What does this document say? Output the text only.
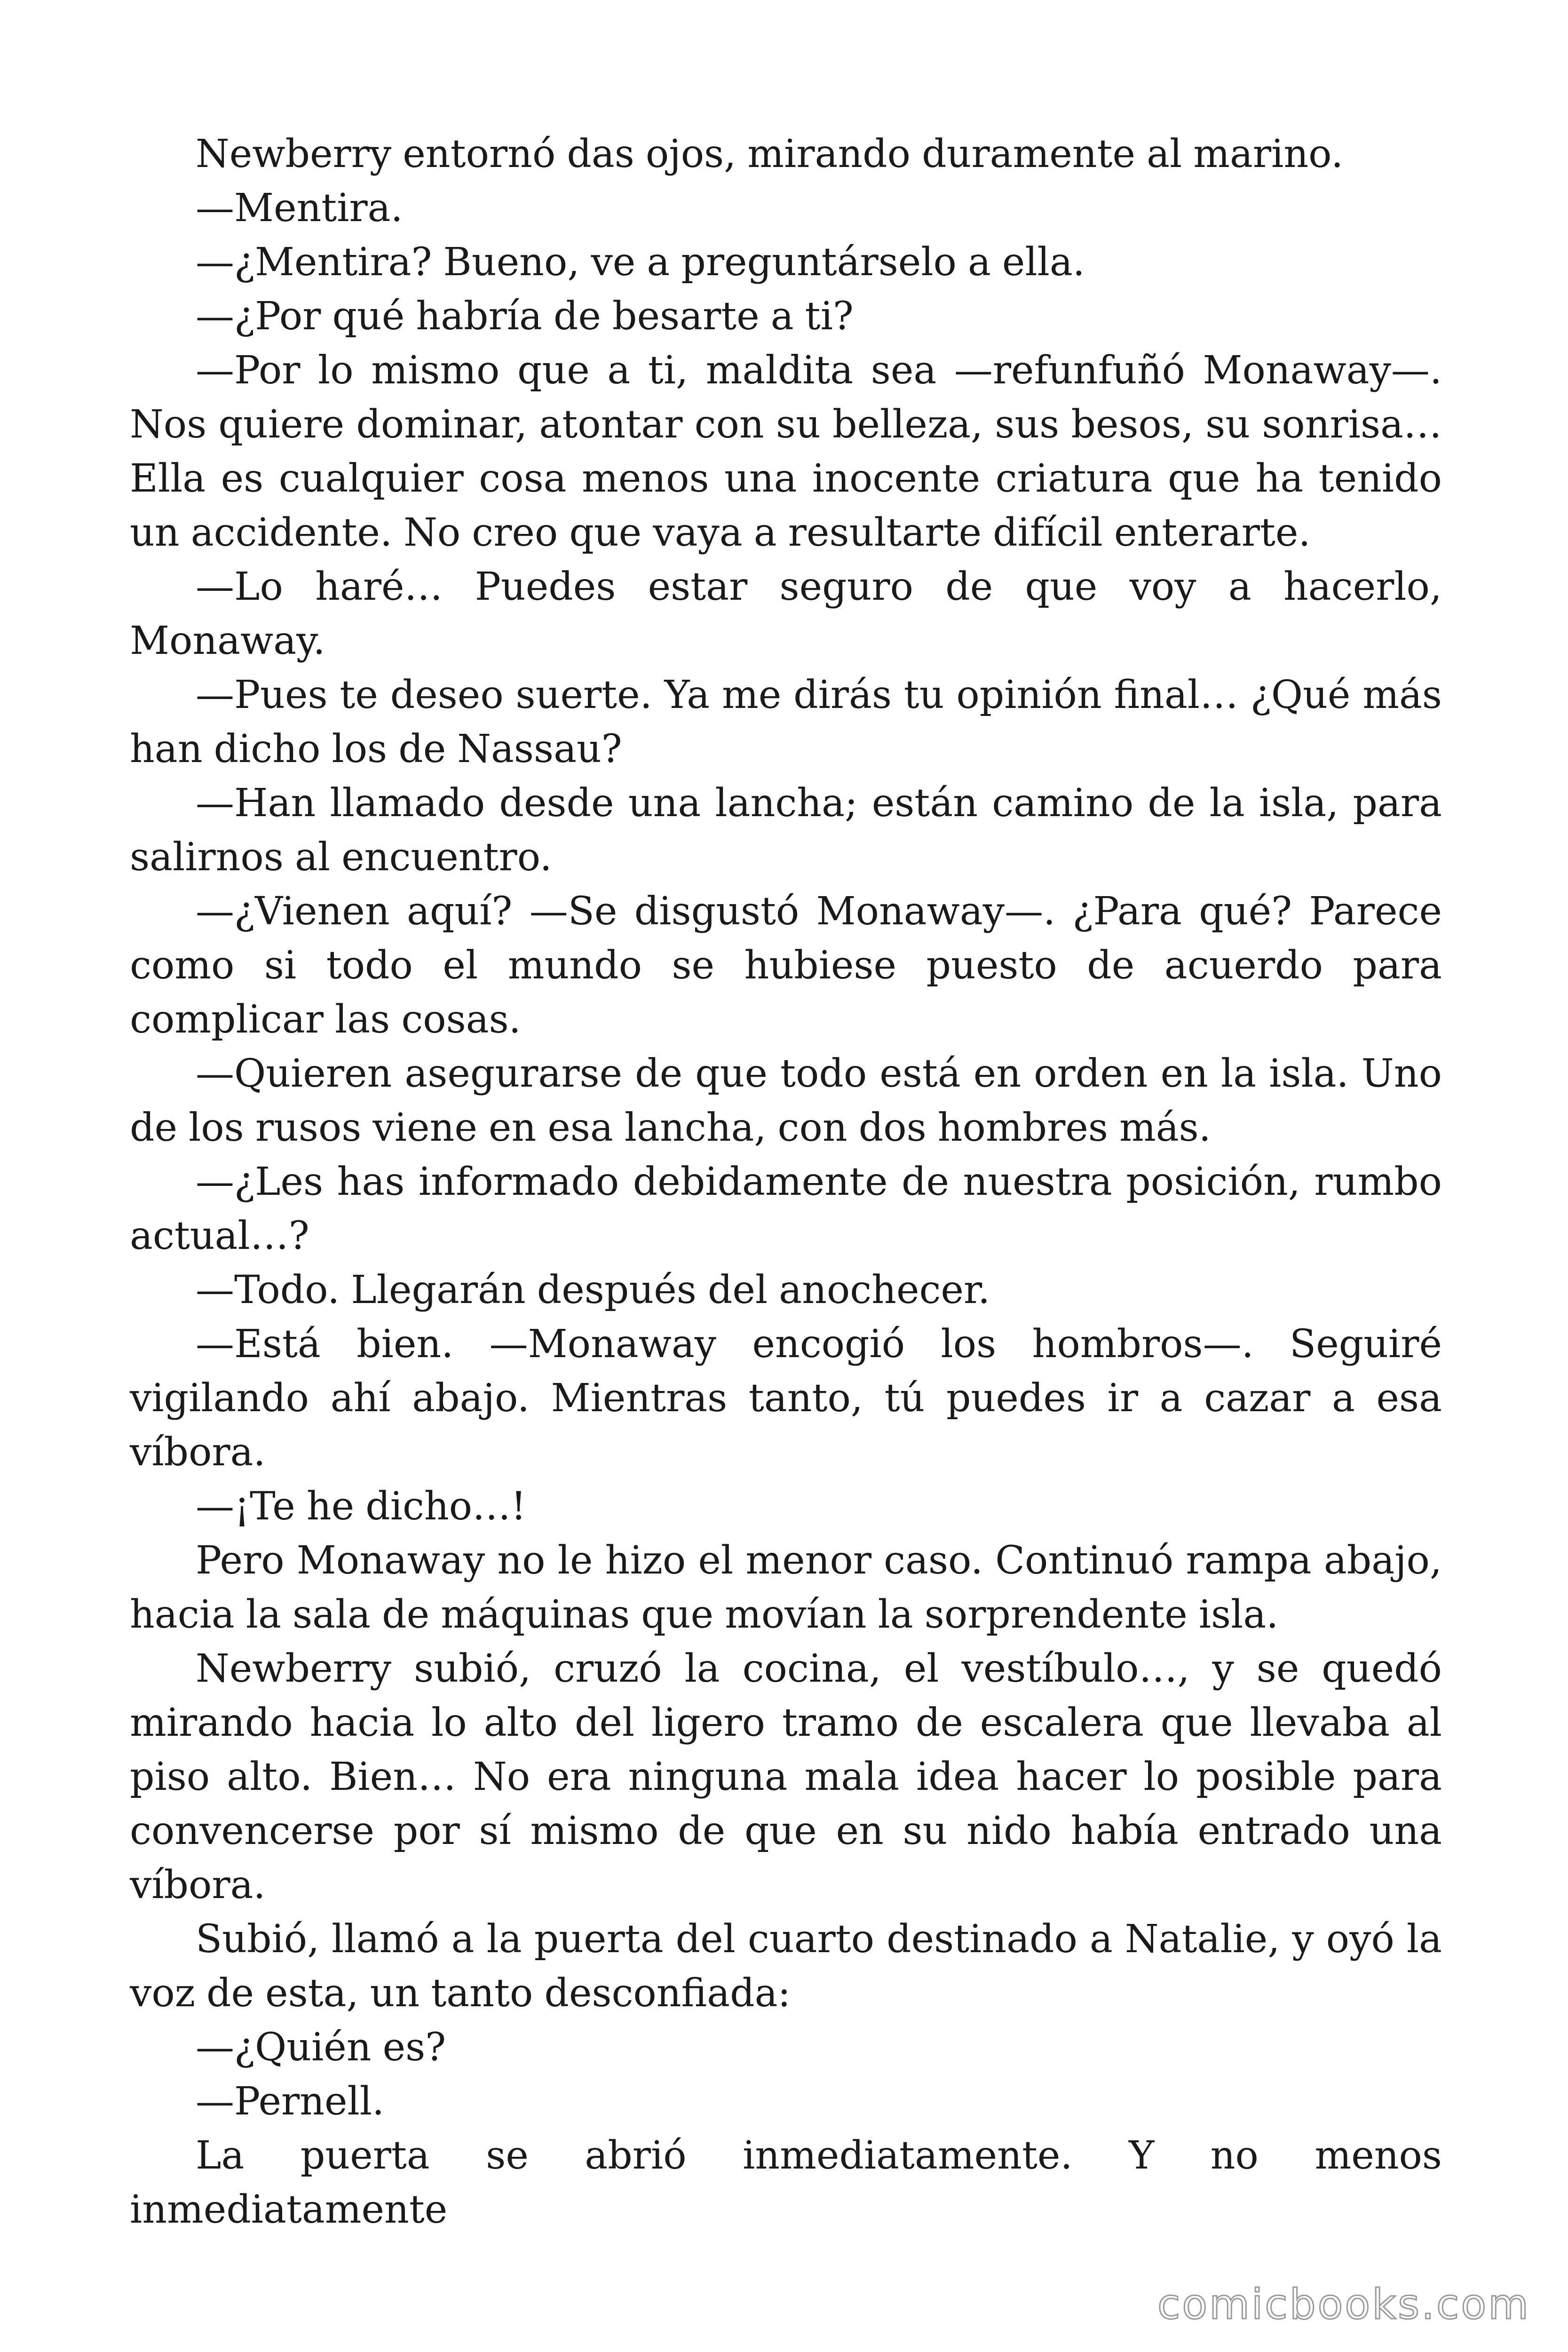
Newberry entornó das ojos, mirando duramente al marino.

—Mentira.

—¿Mentira? Bueno, ve a preguntárselo a ella.

—¿Por qué habría de besarte a ti?

—Por lo mismo que a ti, maldita sea —refunfuñó Monaway—. Nos quiere dominar, atontar con su belleza, sus besos, su sonrisa… Ella es cualquier cosa menos una inocente criatura que ha tenido un accidente. No creo que vaya a resultarte difícil enterarte.

—Lo haré… Puedes estar seguro de que voy a hacerlo, Monaway.

—Pues te deseo suerte. Ya me dirás tu opinión final… ¿Qué más han dicho los de Nassau?

—Han llamado desde una lancha; están camino de la isla, para salirnos al encuentro.

—¿Vienen aquí? —Se disgustó Monaway—. ¿Para qué? Parece como si todo el mundo se hubiese puesto de acuerdo para complicar las cosas.

—Quieren asegurarse de que todo está en orden en la isla. Uno de los rusos viene en esa lancha, con dos hombres más.

—¿Les has informado debidamente de nuestra posición, rumbo actual…?

—Todo. Llegarán después del anochecer.

—Está bien. —Monaway encogió los hombros—. Seguiré vigilando ahí abajo. Mientras tanto, tú puedes ir a cazar a esa víbora.

—¡Te he dicho…!

Pero Monaway no le hizo el menor caso. Continuó rampa abajo, hacia la sala de máquinas que movían la sorprendente isla.

Newberry subió, cruzó la cocina, el vestíbulo…, y se quedó mirando hacia lo alto del ligero tramo de escalera que llevaba al piso alto. Bien… No era ninguna mala idea hacer lo posible para convencerse por sí mismo de que en su nido había entrado una víbora.

Subió, llamó a la puerta del cuarto destinado a Natalie, y oyó la voz de esta, un tanto desconfiada:

—¿Quién es?

—Pernell.

La puerta se abrió inmediatamente. Y no menos inmediatamente

comicbooks.com
